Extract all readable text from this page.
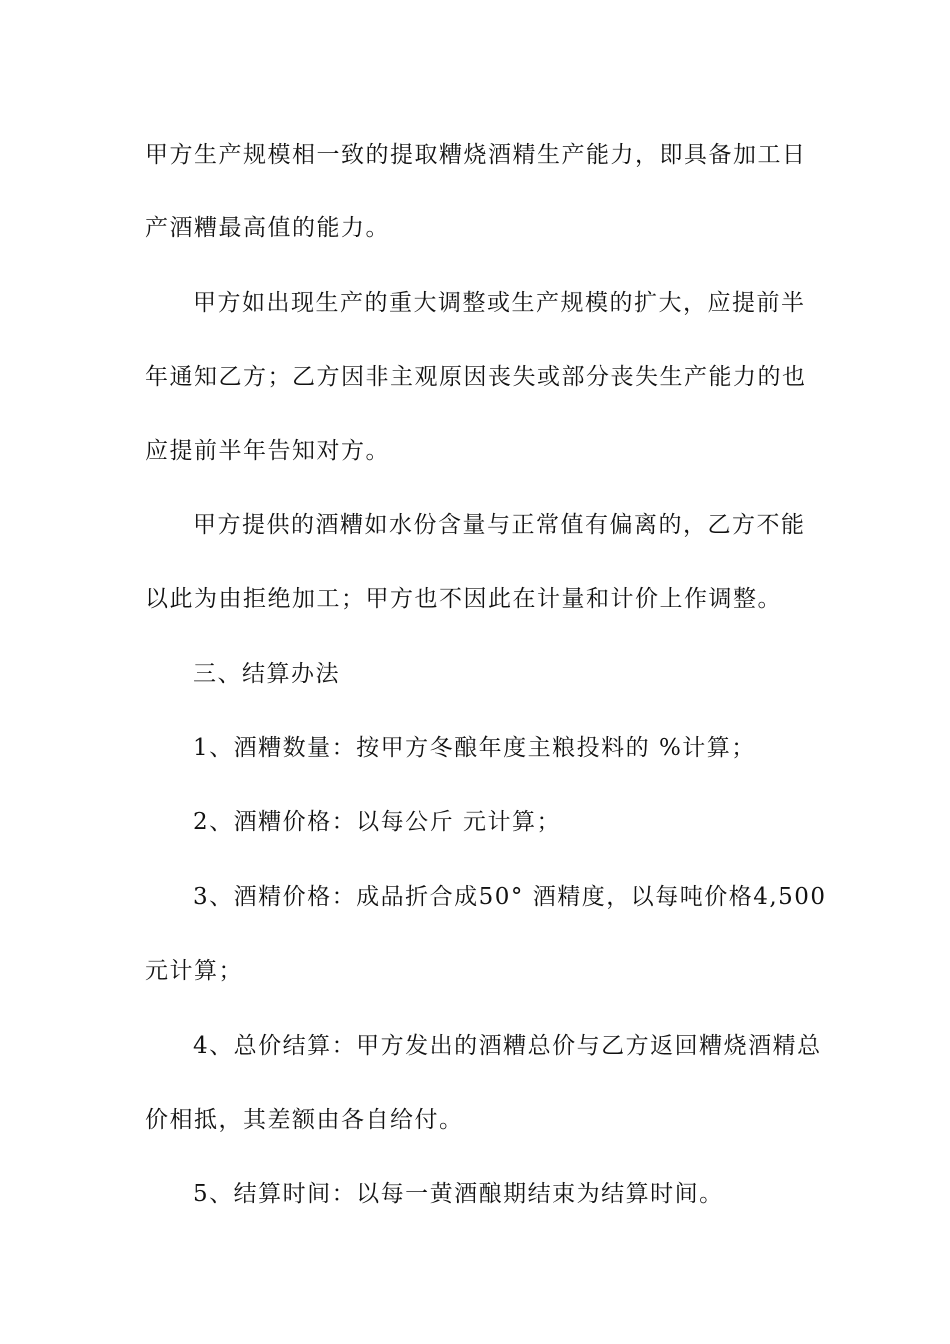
甲方生产规模相一致的提取糟烧酒精生产能力，即具备加工日
产酒糟最高值的能力。
甲方如出现生产的重大调整或生产规模的扩大，应提前半
年通知乙方；乙方因非主观原因丧失或部分丧失生产能力的也
应提前半年告知对方。
甲方提供的酒糟如水份含量与正常值有偏离的，乙方不能
以此为由拒绝加工；甲方也不因此在计量和计价上作调整。
三、结算办法
1、酒糟数量：按甲方冬酿年度主粮投料的 %计算；
2、酒糟价格：以每公斤 元计算；
3、酒精价格：成品折合成50° 酒精度，以每吨价格4,500
元计算；
4、总价结算：甲方发出的酒糟总价与乙方返回糟烧酒精总
价相抵，其差额由各自给付。
5、结算时间：以每一黄酒酿期结束为结算时间。
